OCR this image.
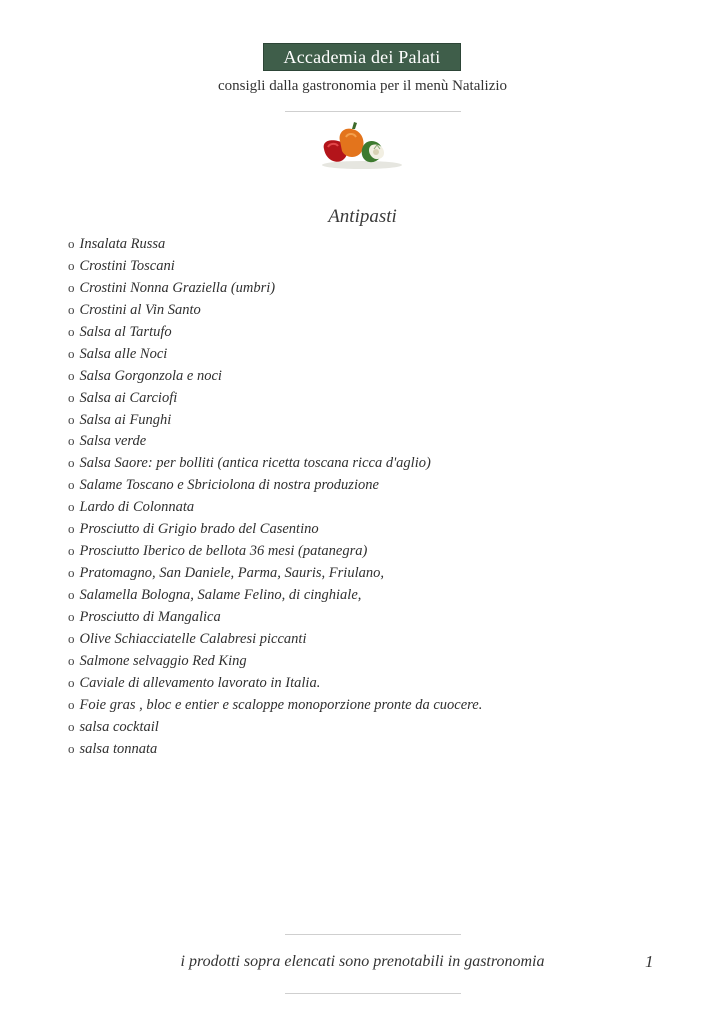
Accademia dei Palati
consigli dalla gastronomia per il menù Natalizio
Antipasti
o Insalata Russa
o Crostini Toscani
o Crostini Nonna Graziella (umbri)
o Crostini al Vin Santo
o Salsa al Tartufo
o Salsa alle Noci
o Salsa Gorgonzola e noci
o Salsa ai Carciofi
o Salsa ai Funghi
o Salsa verde
o Salsa Saore: per bolliti (antica ricetta toscana ricca d'aglio)
o Salame Toscano e Sbriciolona di nostra produzione
o Lardo di Colonnata
o Prosciutto di Grigio brado del Casentino
o Prosciutto Iberico de bellota 36 mesi (patanegra)
o Pratomagno, San Daniele, Parma, Sauris, Friulano,
o Salamella Bologna, Salame Felino, di cinghiale,
o Prosciutto di Mangalica
o Olive Schiacciatelle Calabresi piccanti
o Salmone selvaggio Red King
o Caviale di allevamento lavorato in Italia.
o Foie gras , bloc e entier e scaloppe monoporzione pronte da cuocere.
o salsa cocktail
o salsa tonnata
i prodotti sopra elencati sono prenotabili in gastronomia	1
